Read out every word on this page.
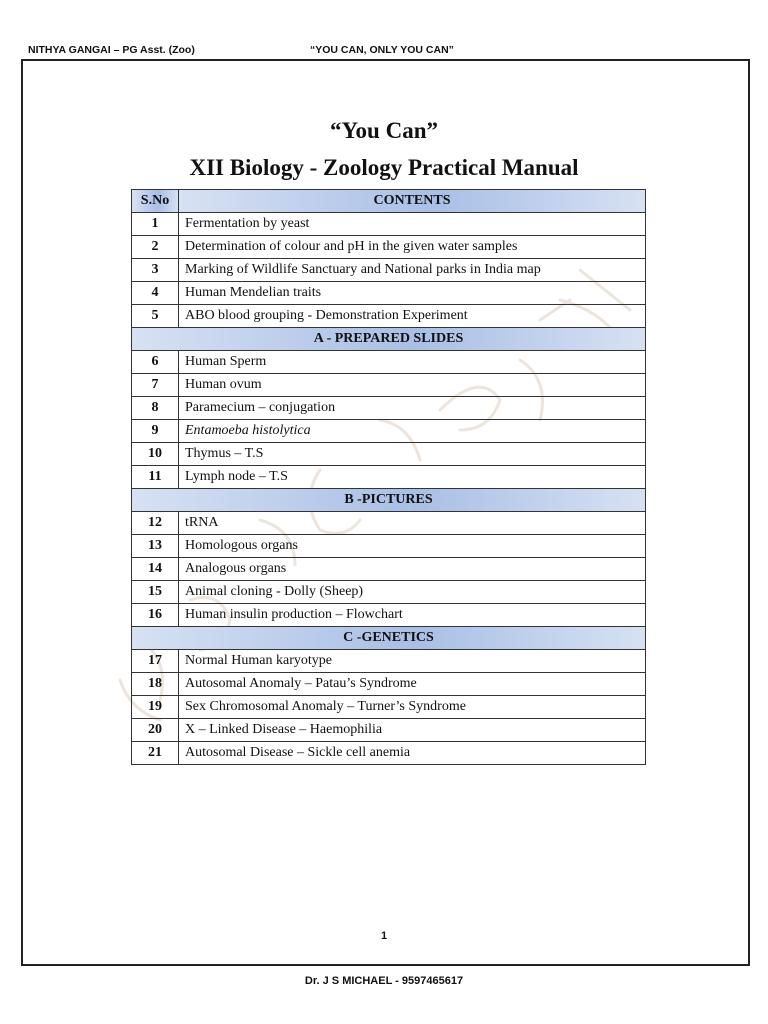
NITHYA GANGAI – PG Asst. (Zoo)	“YOU CAN, ONLY YOU CAN”
“You Can”
XII Biology - Zoology Practical Manual
S.No	CONTENTS
1	Fermentation by yeast
2	Determination of colour and pH in the given water samples
3	Marking of Wildlife Sanctuary and National parks in India map
4	Human Mendelian traits
5	ABO blood grouping - Demonstration Experiment
A - PREPARED SLIDES	
6	Human Sperm
7	Human ovum
8	Paramecium – conjugation
9	Entamoeba histolytica
10	Thymus – T.S
11	Lymph node – T.S
B -PICTURES	
12	tRNA
13	Homologous organs
14	Analogous organs
15	Animal cloning - Dolly (Sheep)
16	Human insulin production – Flowchart
C -GENETICS	
17	Normal Human karyotype
18	Autosomal Anomaly – Patau’s Syndrome
19	Sex Chromosomal Anomaly – Turner’s Syndrome
20	X – Linked Disease – Haemophilia
21	Autosomal Disease – Sickle cell anemia
1
Dr. J S MICHAEL - 9597465617
